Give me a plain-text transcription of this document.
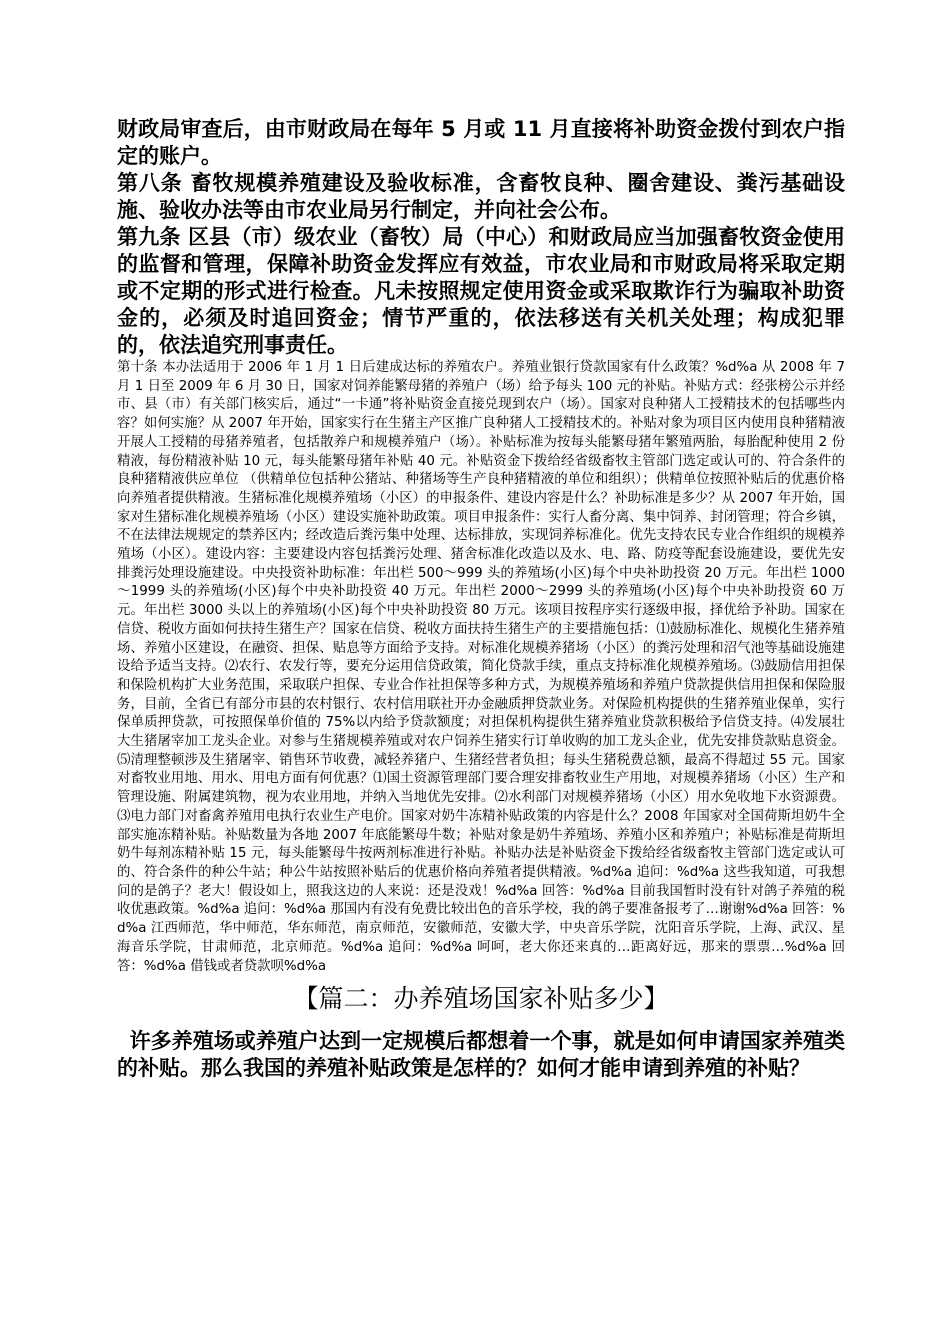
财政局审查后，由市财政局在每年 5 月或 11 月直接将补助资金拨付到农户指定的账户。

第八条 畜牧规模养殖建设及验收标准，含畜牧良种、圈舍建设、粪污基础设施、验收办法等由市农业局另行制定，并向社会公布。

第九条 区县（市）级农业（畜牧）局（中心）和财政局应当加强畜牧资金使用的监督和管理，保障补助资金发挥应有效益，市农业局和市财政局将采取定期或不定期的形式进行检查。凡未按照规定使用资金或采取欺诈行为骗取补助资金的，必须及时追回资金；情节严重的，依法移送有关机关处理；构成犯罪的，依法追究刑事责任。

第十条 本办法适用于 2006 年 1 月 1 日后建成达标的养殖农户。养殖业银行贷款国家有什么政策？%d%a 从 2008 年 7 月 1 日至 2009 年 6 月 30 日，国家对饲养能繁母猪的养殖户（场）给予每头 100 元的补贴。补贴方式：经张榜公示并经市、县（市）有关部门核实后，通过“一卡通”将补贴资金直接兑现到农户（场）。国家对良种猪人工授精技术的包括哪些内容？如何实施？从 2007 年开始，国家实行在生猪主产区推广良种猪人工授精技术的。补贴对象为项目区内使用良种猪精液开展人工授精的母猪养殖者，包括散养户和规模养殖户（场）。补贴标准为按每头能繁母猪年繁殖两胎，每胎配种使用 2 份精液，每份精液补贴 10 元，每头能繁母猪年补贴 40 元。补贴资金下拨给经省级畜牧主管部门选定或认可的、符合条件的良种猪精液供应单位 （供精单位包括种公猪站、种猪场等生产良种猪精液的单位和组织）；供精单位按照补贴后的优惠价格向养殖者提供精液。生猪标准化规模养殖场（小区）的申报条件、建设内容是什么？补助标准是多少？从 2007 年开始，国家对生猪标准化规模养殖场（小区）建设实施补助政策。项目申报条件：实行人畜分离、集中饲养、封闭管理；符合乡镇，不在法律法规规定的禁养区内；经改造后粪污集中处理、达标排放，实现饲养标准化。优先支持农民专业合作组织的规模养殖场（小区）。建设内容：主要建设内容包括粪污处理、猪舍标准化改造以及水、电、路、防疫等配套设施建设，要优先安排粪污处理设施建设。中央投资补助标准：年出栏 500～999 头的养殖场(小区)每个中央补助投资 20 万元。年出栏 1000～1999 头的养殖场(小区)每个中央补助投资 40 万元。年出栏 2000～2999 头的养殖场(小区)每个中央补助投资 60 万元。年出栏 3000 头以上的养殖场(小区)每个中央补助投资 80 万元。该项目按程序实行逐级申报，择优给予补助。国家在信贷、税收方面如何扶持生猪生产？国家在信贷、税收方面扶持生猪生产的主要措施包括：⑴鼓励标准化、规模化生猪养殖场、养殖小区建设，在融资、担保、贴息等方面给予支持。对标准化规模养猪场（小区）的粪污处理和沼气池等基础设施建设给予适当支持。⑵农行、农发行等，要充分运用信贷政策，简化贷款手续，重点支持标准化规模养殖场。⑶鼓励信用担保和保险机构扩大业务范围，采取联户担保、专业合作社担保等多种方式，为规模养殖场和养殖户贷款提供信用担保和保险服务，目前，全省已有部分市县的农村银行、农村信用联社开办金融质押贷款业务。对保险机构提供的生猪养殖业保单，实行保单质押贷款，可按照保单价值的 75%以内给予贷款额度；对担保机构提供生猪养殖业贷款积极给予信贷支持。⑷发展壮大生猪屠宰加工龙头企业。对参与生猪规模养殖或对农户饲养生猪实行订单收购的加工龙头企业，优先安排贷款贴息资金。⑸清理整顿涉及生猪屠宰、销售环节收费，减轻养猪户、生猪经营者负担；每头生猪税费总额，最高不得超过 55 元。国家对畜牧业用地、用水、用电方面有何优惠？⑴国土资源管理部门要合理安排畜牧业生产用地，对规模养猪场（小区）生产和管理设施、附属建筑物，视为农业用地，并纳入当地优先安排。⑵水利部门对规模养猪场（小区）用水免收地下水资源费。⑶电力部门对畜禽养殖用电执行农业生产电价。国家对奶牛冻精补贴政策的内容是什么？2008 年国家对全国荷斯坦奶牛全部实施冻精补贴。补贴数量为各地 2007 年底能繁母牛数；补贴对象是奶牛养殖场、养殖小区和养殖户；补贴标准是荷斯坦奶牛每剂冻精补贴 15 元，每头能繁母牛按两剂标准进行补贴。补贴办法是补贴资金下拨给经省级畜牧主管部门选定或认可的、符合条件的种公牛站；种公牛站按照补贴后的优惠价格向养殖者提供精液。%d%a 追问：%d%a 这些我知道，可我想问的是鸽子？老大！假设如上，照我这边的人来说：还是没戏！%d%a 回答：%d%a 目前我国暂时没有针对鸽子养殖的税收优惠政策。%d%a 追问：%d%a 那国内有没有免费比较出色的音乐学校，我的鸽子要准备报考了…谢谢%d%a 回答：%d%a 江西师范，华中师范，华东师范，南京师范，安徽师范，安徽大学，中央音乐学院，沈阳音乐学院，上海、武汉、星海音乐学院，甘肃师范，北京师范。%d%a 追问：%d%a 呵呵，老大你还来真的…距离好远，那来的票票…%d%a 回答：%d%a 借钱或者贷款呗%d%a

【篇二：办养殖场国家补贴多少】

许多养殖场或养殖户达到一定规模后都想着一个事，就是如何申请国家养殖类的补贴。那么我国的养殖补贴政策是怎样的？如何才能申请到养殖的补贴？
